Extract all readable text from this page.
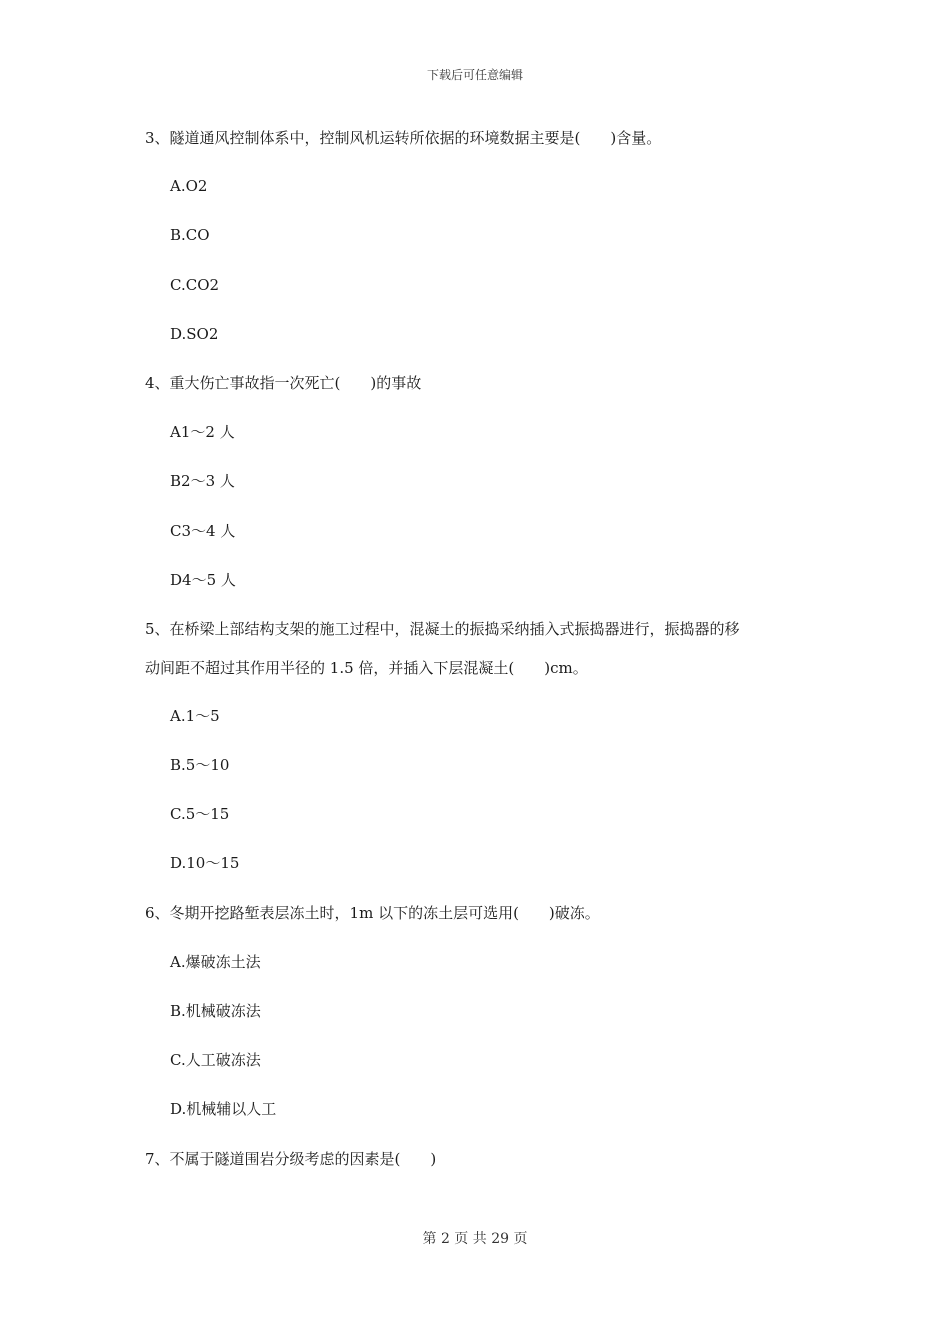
下载后可任意编辑
3、隧道通风控制体系中，控制风机运转所依据的环境数据主要是(　　)含量。
A.O2
B.CO
C.CO2
D.SO2
4、重大伤亡事故指一次死亡(　　)的事故
A1～2 人
B2～3 人
C3～4 人
D4～5 人
5、在桥梁上部结构支架的施工过程中，混凝土的振捣采纳插入式振捣器进行，振捣器的移
动间距不超过其作用半径的 1.5 倍，并插入下层混凝土(　　)cm。
A.1～5
B.5～10
C.5～15
D.10～15
6、冬期开挖路堑表层冻土时，1m 以下的冻土层可选用(　　)破冻。
A.爆破冻土法
B.机械破冻法
C.人工破冻法
D.机械辅以人工
7、不属于隧道围岩分级考虑的因素是(　　)
第 2 页 共 29 页
